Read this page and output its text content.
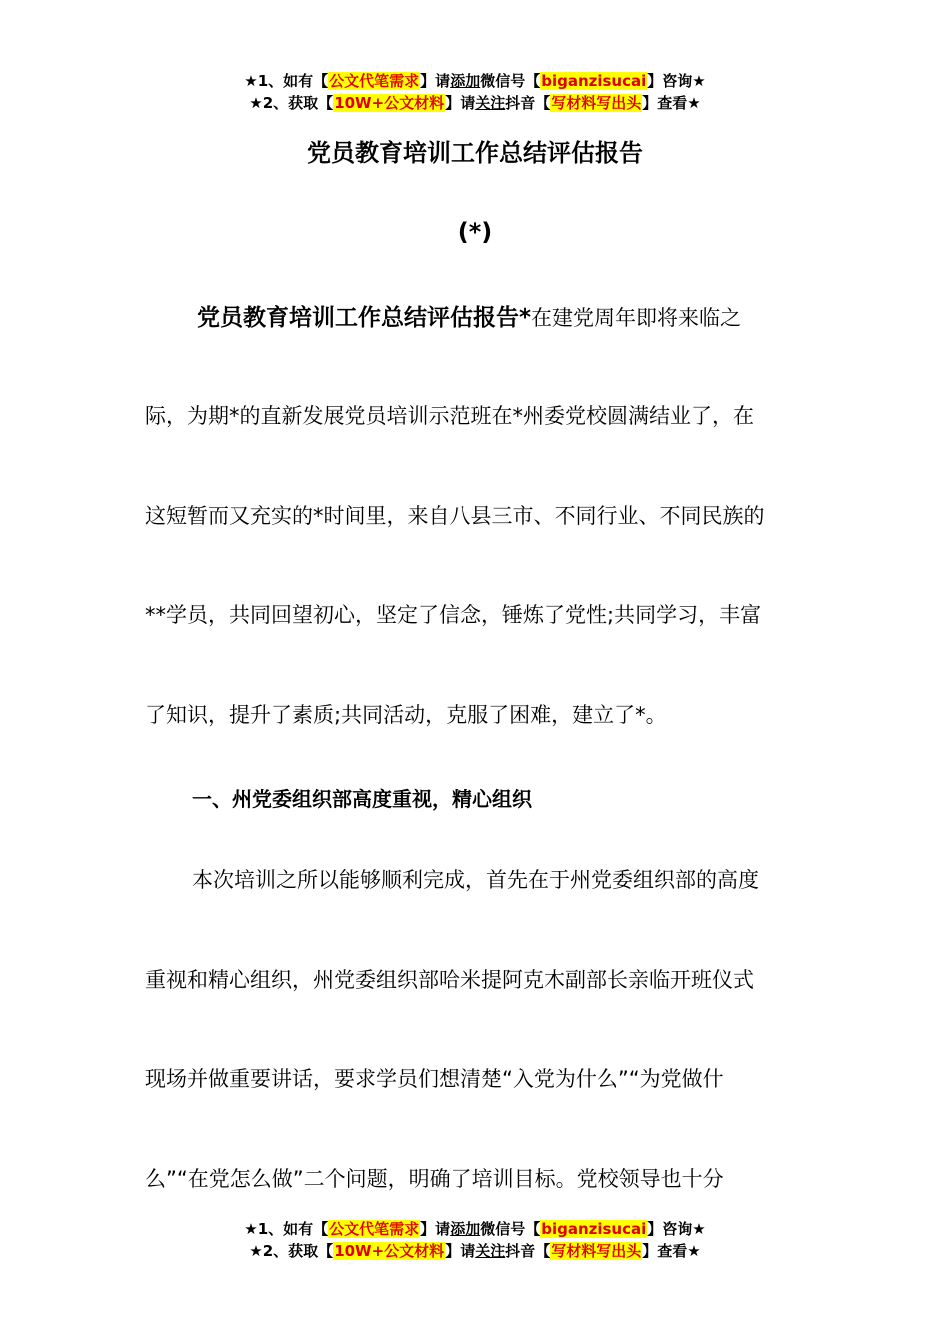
★1、如有【公文代笔需求】请添加微信号【biganzisucai】咨询★
★2、获取【10W+公文材料】请关注抖音【写材料写出头】查看★
党员教育培训工作总结评估报告
(*)
党员教育培训工作总结评估报告*在建党周年即将来临之
际，为期*的直新发展党员培训示范班在*州委党校圆满结业了，在
这短暂而又充实的*时间里，来自八县三市、不同行业、不同民族的
**学员，共同回望初心，坚定了信念，锤炼了党性;共同学习，丰富
了知识，提升了素质;共同活动，克服了困难，建立了*。
一、州党委组织部高度重视，精心组织
本次培训之所以能够顺利完成，首先在于州党委组织部的高度
重视和精心组织，州党委组织部哈米提阿克木副部长亲临开班仪式
现场并做重要讲话，要求学员们想清楚“入党为什么”“为党做什
么”“在党怎么做”二个问题，明确了培训目标。党校领导也十分
★1、如有【公文代笔需求】请添加微信号【biganzisucai】咨询★
★2、获取【10W+公文材料】请关注抖音【写材料写出头】查看★
